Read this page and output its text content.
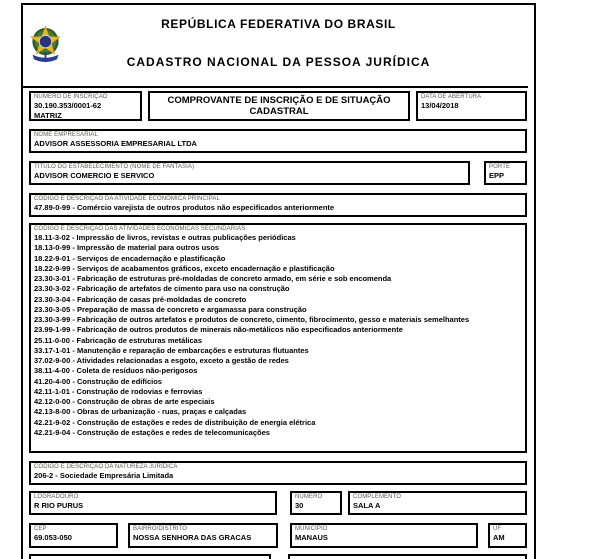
REPÚBLICA FEDERATIVA DO BRASIL
CADASTRO NACIONAL DA PESSOA JURÍDICA
NÚMERO DE INSCRIÇÃO
30.190.353/0001-62
MATRIZ
COMPROVANTE DE INSCRIÇÃO E DE SITUAÇÃO
CADASTRAL
DATA DE ABERTURA
13/04/2018
NOME EMPRESARIAL
ADVISOR ASSESSORIA EMPRESARIAL LTDA
TÍTULO DO ESTABELECIMENTO (NOME DE FANTASIA)
ADVISOR COMERCIO E SERVICO
PORTE
EPP
CÓDIGO E DESCRIÇÃO DA ATIVIDADE ECONÔMICA PRINCIPAL
47.89-0-99 - Comércio varejista de outros produtos não especificados anteriormente
CÓDIGO E DESCRIÇÃO DAS ATIVIDADES ECONÔMICAS SECUNDÁRIAS
18.11-3-02 - Impressão de livros, revistas e outras publicações periódicas
18.13-0-99 - Impressão de material para outros usos
18.22-9-01 - Serviços de encadernação e plastificação
18.22-9-99 - Serviços de acabamentos gráficos, exceto encadernação e plastificação
23.30-3-01 - Fabricação de estruturas pré-moldadas de concreto armado, em série e sob encomenda
23.30-3-02 - Fabricação de artefatos de cimento para uso na construção
23.30-3-04 - Fabricação de casas pré-moldadas de concreto
23.30-3-05 - Preparação de massa de concreto e argamassa para construção
23.30-3-99 - Fabricação de outros artefatos e produtos de concreto, cimento, fibrocimento, gesso e materiais semelhantes
23.99-1-99 - Fabricação de outros produtos de minerais não-metálicos não especificados anteriormente
25.11-0-00 - Fabricação de estruturas metálicas
33.17-1-01 - Manutenção e reparação de embarcações e estruturas flutuantes
37.02-9-00 - Atividades relacionadas a esgoto, exceto a gestão de redes
38.11-4-00 - Coleta de resíduos não-perigosos
41.20-4-00 - Construção de edifícios
42.11-1-01 - Construção de rodovias e ferrovias
42.12-0-00 - Construção de obras de arte especiais
42.13-8-00 - Obras de urbanização - ruas, praças e calçadas
42.21-9-02 - Construção de estações e redes de distribuição de energia elétrica
42.21-9-04 - Construção de estações e redes de telecomunicações
CÓDIGO E DESCRIÇÃO DA NATUREZA JURÍDICA
206-2 - Sociedade Empresária Limitada
LOGRADOURO
R RIO PURUS
NÚMERO
30
COMPLEMENTO
SALA A
CEP
69.053-050
BAIRRO/DISTRITO
NOSSA SENHORA DAS GRACAS
MUNICÍPIO
MANAUS
UF
AM
